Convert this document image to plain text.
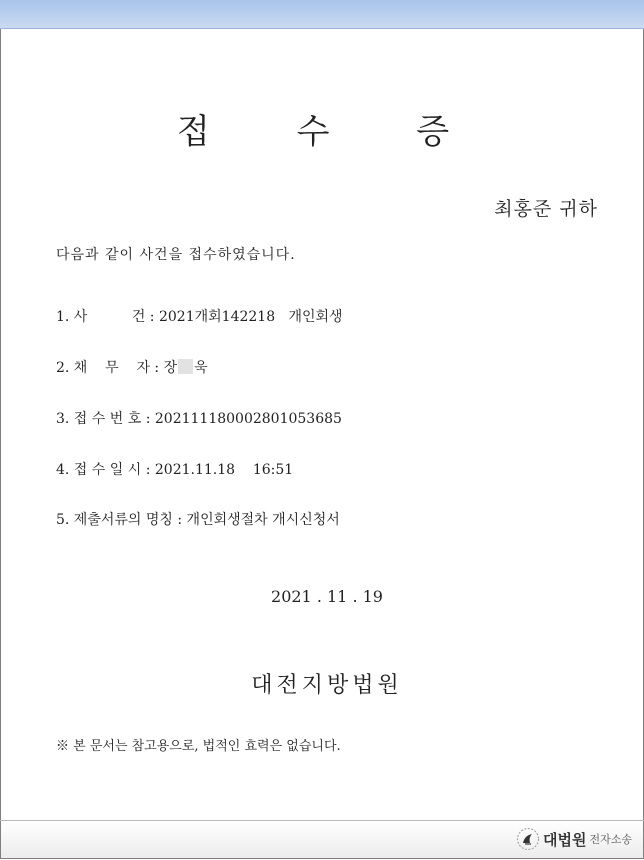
접 수 증
최홍준 귀하
다음과 같이 사건을 접수하였습니다.
1. 사          건 : 2021개회142218   개인회생
2. 채    무    자 : 장 욱
3. 접 수 번 호 : 20211118000280105368​5
4. 접 수 일 시 : 2021.11.18    16:51
5. 제출서류의 명칭 : 개인회생절차 개시신청서
2021 . 11 . 19
대전지방법원
※ 본 문서는 참고용으로, 법적인 효력은 없습니다.
대법원 전자소송
